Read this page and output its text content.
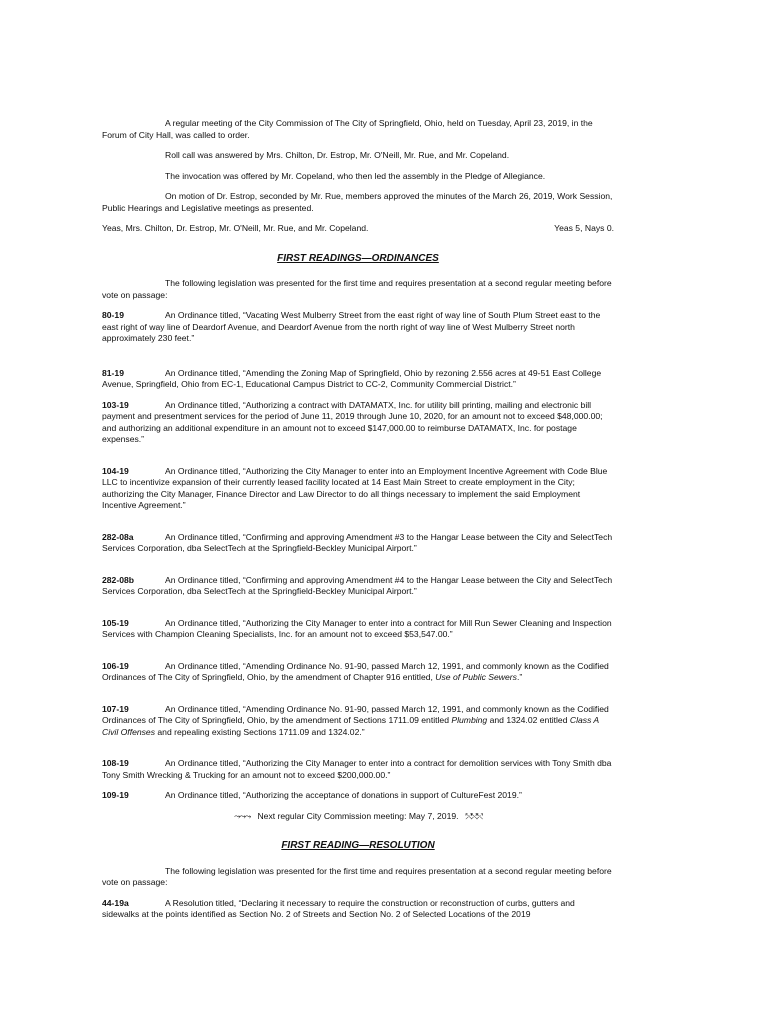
A regular meeting of the City Commission of The City of Springfield, Ohio, held on Tuesday, April 23, 2019, in the Forum of City Hall, was called to order.

Roll call was answered by Mrs. Chilton, Dr. Estrop, Mr. O'Neill, Mr. Rue, and Mr. Copeland.

The invocation was offered by Mr. Copeland, who then led the assembly in the Pledge of Allegiance.

On motion of Dr. Estrop, seconded by Mr. Rue, members approved the minutes of the March 26, 2019, Work Session, Public Hearings and Legislative meetings as presented.

Yeas, Mrs. Chilton, Dr. Estrop, Mr. O'Neill, Mr. Rue, and Mr. Copeland.	Yeas 5, Nays 0.
FIRST READINGS—ORDINANCES

The following legislation was presented for the first time and requires presentation at a second regular meeting before vote on passage:

80-19	An Ordinance titled, “Vacating West Mulberry Street from the east right of way line of South Plum Street east to the east right of way line of Deardorf Avenue, and Deardorf Avenue from the north right of way line of West Mulberry Street north approximately 230 feet.”
81-19	An Ordinance titled, “Amending the Zoning Map of Springfield, Ohio by rezoning 2.556 acres at 49-51 East College Avenue, Springfield, Ohio from EC-1, Educational Campus District to CC-2, Community Commercial District.”
103-19	An Ordinance titled, “Authorizing a contract with DATAMATX, Inc. for utility bill printing, mailing and electronic bill payment and presentment services for the period of June 11, 2019 through June 10, 2020, for an amount not to exceed $48,000.00; and authorizing an additional expenditure in an amount not to exceed $147,000.00 to reimburse DATAMATX, Inc. for postage expenses.”
104-19	An Ordinance titled, “Authorizing the City Manager to enter into an Employment Incentive Agreement with Code Blue LLC to incentivize expansion of their currently leased facility located at 14 East Main Street to create employment in the City; authorizing the City Manager, Finance Director and Law Director to do all things necessary to implement the said Employment Incentive Agreement.”
282-08a	An Ordinance titled, “Confirming and approving Amendment #3 to the Hangar Lease between the City and SelectTech Services Corporation, dba SelectTech at the Springfield-Beckley Municipal Airport.”
282-08b	An Ordinance titled, “Confirming and approving Amendment #4 to the Hangar Lease between the City and SelectTech Services Corporation, dba SelectTech at the Springfield-Beckley Municipal Airport.”
105-19	An Ordinance titled, “Authorizing the City Manager to enter into a contract for Mill Run Sewer Cleaning and Inspection Services with Champion Cleaning Specialists, Inc. for an amount not to exceed $53,547.00.”
106-19	An Ordinance titled, “Amending Ordinance No. 91-90, passed March 12, 1991, and commonly known as the Codified Ordinances of The City of Springfield, Ohio, by the amendment of Chapter 916 entitled, Use of Public Sewers.”
107-19	An Ordinance titled, “Amending Ordinance No. 91-90, passed March 12, 1991, and commonly known as the Codified Ordinances of The City of Springfield, Ohio, by the amendment of Sections 1711.09 entitled Plumbing and 1324.02 entitled Class A Civil Offenses and repealing existing Sections 1711.09 and 1324.02.”
108-19	An Ordinance titled, “Authorizing the City Manager to enter into a contract for demolition services with Tony Smith dba Tony Smith Wrecking & Trucking for an amount not to exceed $200,000.00.”
109-19	An Ordinance titled, “Authorizing the acceptance of donations in support of CultureFest 2019.”
⤳⤳⤳ Next regular City Commission meeting: May 7, 2019. ⤲⤲⤲
FIRST READING—RESOLUTION

The following legislation was presented for the first time and requires presentation at a second regular meeting before vote on passage:

44-19a	A Resolution titled, “Declaring it necessary to require the construction or reconstruction of curbs, gutters and sidewalks at the points identified as Section No. 2 of Streets and Section No. 2 of Selected Locations of the 2019
